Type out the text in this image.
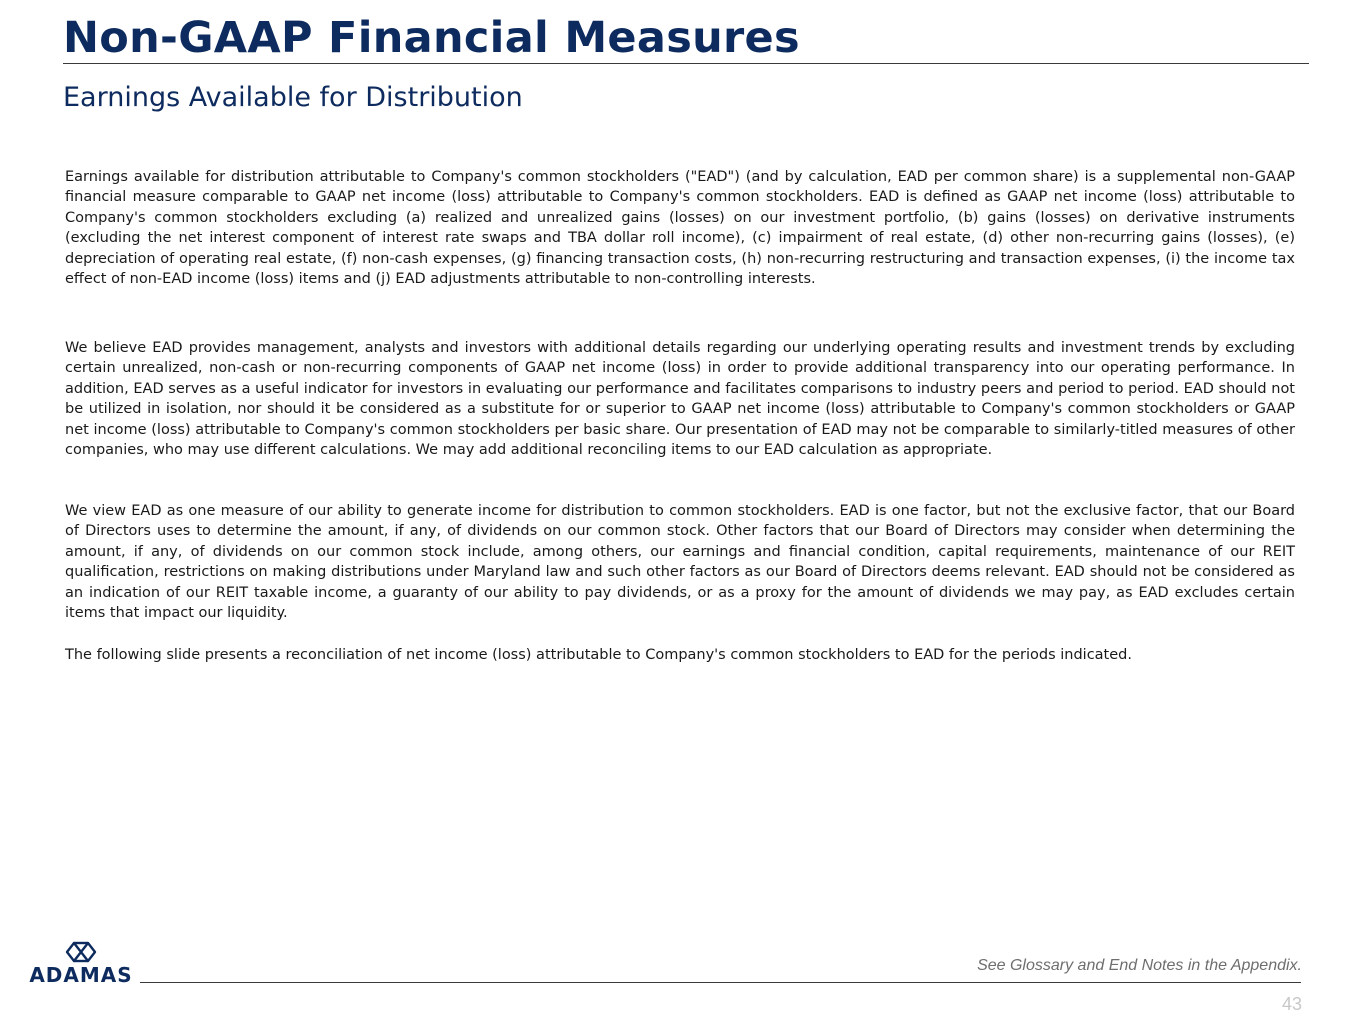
Non-GAAP Financial Measures
Earnings Available for Distribution

Earnings available for distribution attributable to Company's common stockholders ("EAD") (and by calculation, EAD per common share) is a supplemental non-GAAP financial measure comparable to GAAP net income (loss) attributable to Company's common stockholders. EAD is defined as GAAP net income (loss) attributable to Company's common stockholders excluding (a) realized and unrealized gains (losses) on our investment portfolio, (b) gains (losses) on derivative instruments (excluding the net interest component of interest rate swaps and TBA dollar roll income), (c) impairment of real estate, (d) other non-recurring gains (losses), (e) depreciation of operating real estate, (f) non-cash expenses, (g) financing transaction costs, (h) non-recurring restructuring and transaction expenses, (i) the income tax effect of non-EAD income (loss) items and (j) EAD adjustments attributable to non-controlling interests.

We believe EAD provides management, analysts and investors with additional details regarding our underlying operating results and investment trends by excluding certain unrealized, non-cash or non-recurring components of GAAP net income (loss) in order to provide additional transparency into our operating performance. In addition, EAD serves as a useful indicator for investors in evaluating our performance and facilitates comparisons to industry peers and period to period. EAD should not be utilized in isolation, nor should it be considered as a substitute for or superior to GAAP net income (loss) attributable to Company's common stockholders or GAAP net income (loss) attributable to Company's common stockholders per basic share. Our presentation of EAD may not be comparable to similarly-titled measures of other companies, who may use different calculations. We may add additional reconciling items to our EAD calculation as appropriate.

We view EAD as one measure of our ability to generate income for distribution to common stockholders. EAD is one factor, but not the exclusive factor, that our Board of Directors uses to determine the amount, if any, of dividends on our common stock. Other factors that our Board of Directors may consider when determining the amount, if any, of dividends on our common stock include, among others, our earnings and financial condition, capital requirements, maintenance of our REIT qualification, restrictions on making distributions under Maryland law and such other factors as our Board of Directors deems relevant. EAD should not be considered as an indication of our REIT taxable income, a guaranty of our ability to pay dividends, or as a proxy for the amount of dividends we may pay, as EAD excludes certain items that impact our liquidity.

The following slide presents a reconciliation of net income (loss) attributable to Company's common stockholders to EAD for the periods indicated.

ADAMAS	See Glossary and End Notes in the Appendix.

43
